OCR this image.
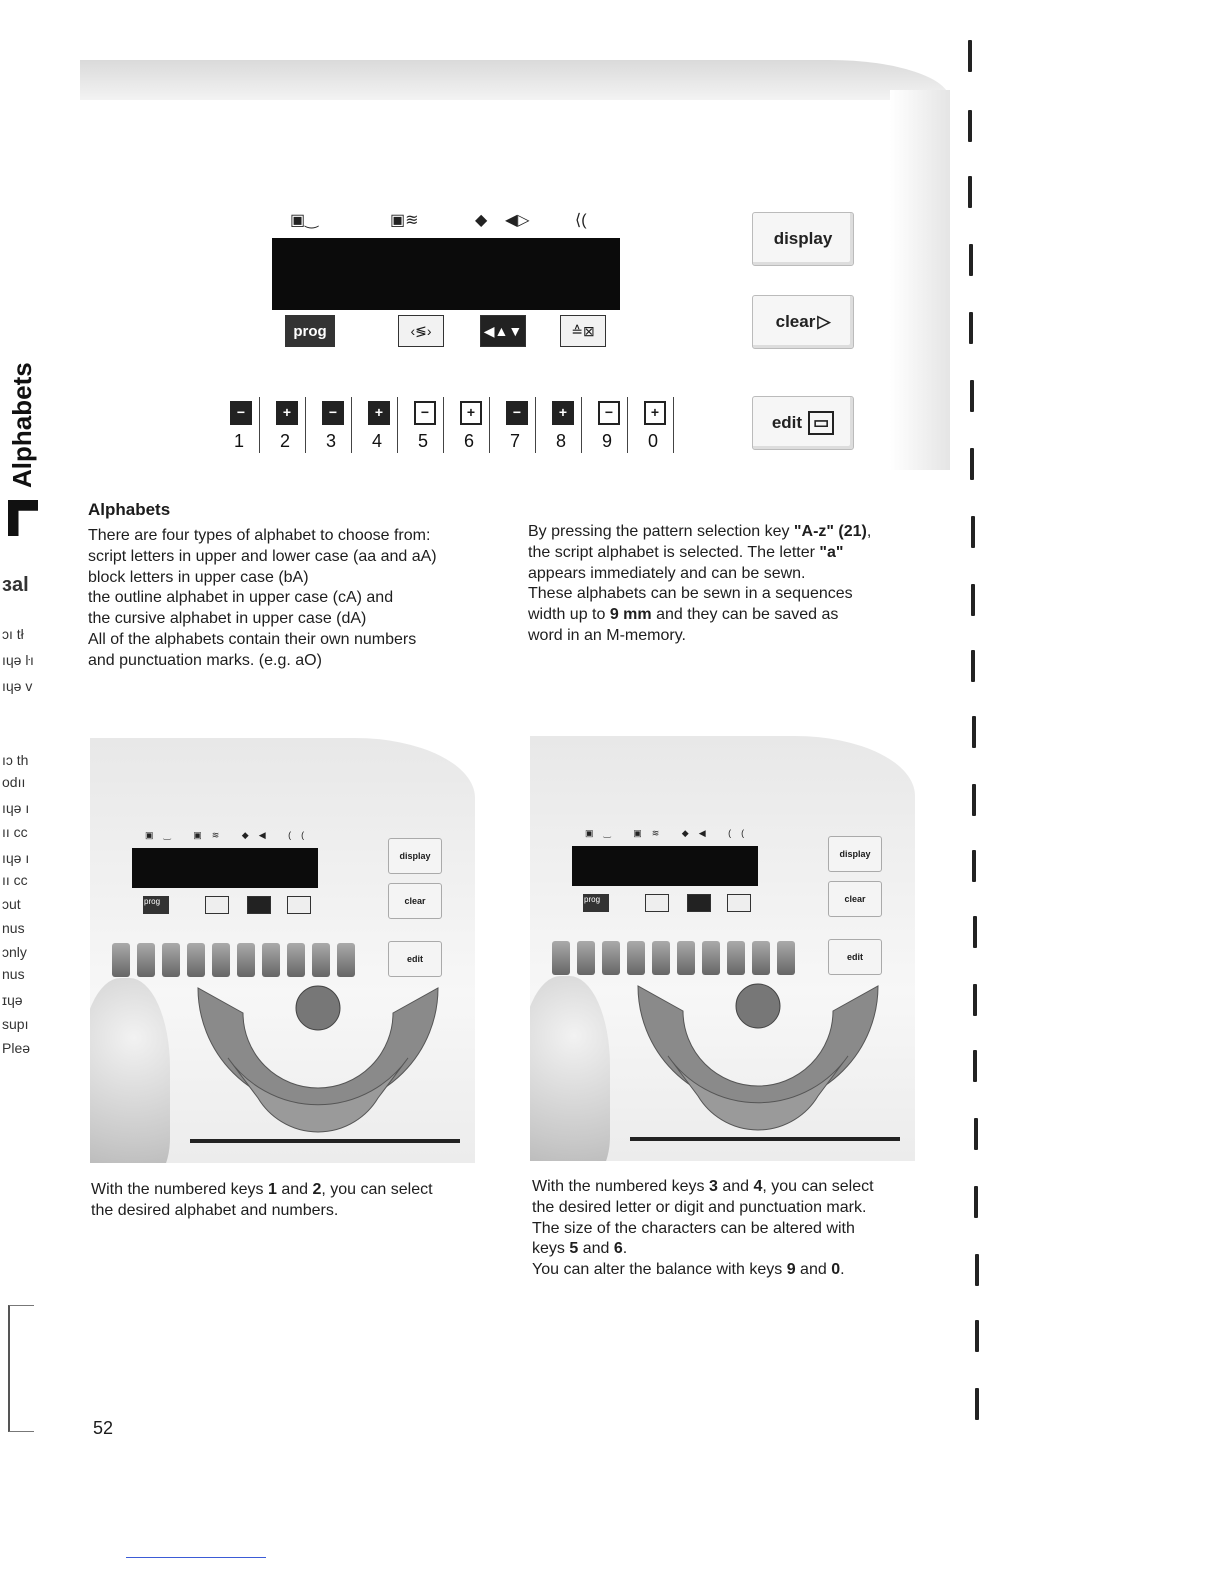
Alphabets
ɜal
ɔı tł
ıɥə ŀı
ıɥə v
ıɔ th
odıı
ıɥə ı
ıı cc
ıɥə ı
ıı cc
ɔut
nus
ɔnly
nus
ɪɥə
supı
Pleə
▣‿	▣≋	◆ ◀▷	⟨(
prog	‹≶›	◀▲▼	≙⊠
−
1
+
2
−
3
+
4
−
5
+
6
−
7
+
8
−
9
+
0
display
clear ▷
edit ▭
Alphabets

There are four types of alphabet to choose from:

script letters in upper and lower case (aa and aA)

block letters in upper case (bA)

the outline alphabet in upper case (cA) and

the cursive alphabet in upper case (dA)

All of the alphabets contain their own numbers

and punctuation marks. (e.g. aO)

By pressing the pattern selection key "A-z" (21),

the script alphabet is selected. The letter "a"

appears immediately and can be sewn.

These alphabets can be sewn in a sequences

width up to 9 mm and they can be saved as

word in an M-memory.

▣‿ ▣≋ ◆◀ ((
prog
display
clear
edit
▣‿ ▣≋ ◆◀ ((
prog
display
clear
edit

With the numbered keys 1 and 2, you can select

the desired alphabet and numbers.

With the numbered keys 3 and 4, you can select

the desired letter or digit and punctuation mark.

The size of the characters can be altered with

keys 5 and 6.

You can alter the balance with keys 9 and 0.

52
